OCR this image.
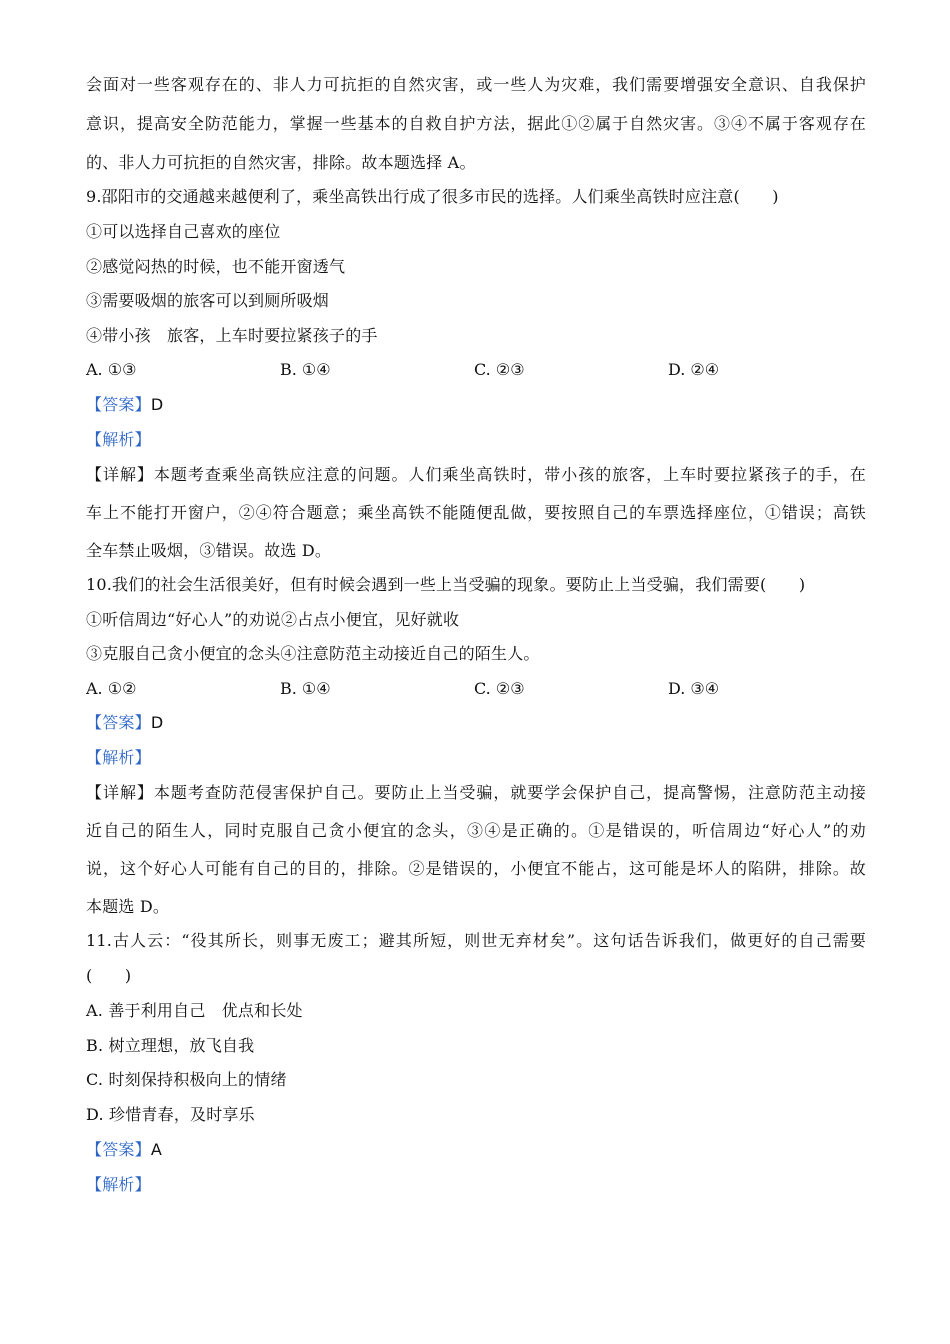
会面对一些客观存在的、非人力可抗拒的自然灾害，或一些人为灾难，我们需要增强安全意识、自我保护
意识，提高安全防范能力，掌握一些基本的自救自护方法，据此①②属于自然灾害。③④不属于客观存在
的、非人力可抗拒的自然灾害，排除。故本题选择 A。
9.邵阳市的交通越来越便利了，乘坐高铁出行成了很多市民的选择。人们乘坐高铁时应注意(　　)
①可以选择自己喜欢的座位
②感觉闷热的时候，也不能开窗透气
③需要吸烟的旅客可以到厕所吸烟
④带小孩　旅客，上车时要拉紧孩子的手
A. ①③	B. ①④	C. ②③	D. ②④
【答案】D
【解析】
【详解】本题考查乘坐高铁应注意的问题。人们乘坐高铁时，带小孩的旅客，上车时要拉紧孩子的手，在
车上不能打开窗户，②④符合题意；乘坐高铁不能随便乱做，要按照自己的车票选择座位，①错误；高铁
全车禁止吸烟，③错误。故选 D。
10.我们的社会生活很美好，但有时候会遇到一些上当受骗的现象。要防止上当受骗，我们需要(　　)
①听信周边“好心人”的劝说②占点小便宜，见好就收
③克服自己贪小便宜的念头④注意防范主动接近自己的陌生人。
A. ①②	B. ①④	C. ②③	D. ③④
【答案】D
【解析】
【详解】本题考查防范侵害保护自己。要防止上当受骗，就要学会保护自己，提高警惕，注意防范主动接
近自己的陌生人，同时克服自己贪小便宜的念头，③④是正确的。①是错误的，听信周边“好心人”的劝
说，这个好心人可能有自己的目的，排除。②是错误的，小便宜不能占，这可能是坏人的陷阱，排除。故
本题选 D。
11.古人云：“役其所长，则事无废工；避其所短，则世无弃材矣”。这句话告诉我们，做更好的自己需要
(　　)
A. 善于利用自己　优点和长处
B. 树立理想，放飞自我
C. 时刻保持积极向上的情绪
D. 珍惜青春，及时享乐
【答案】A
【解析】
